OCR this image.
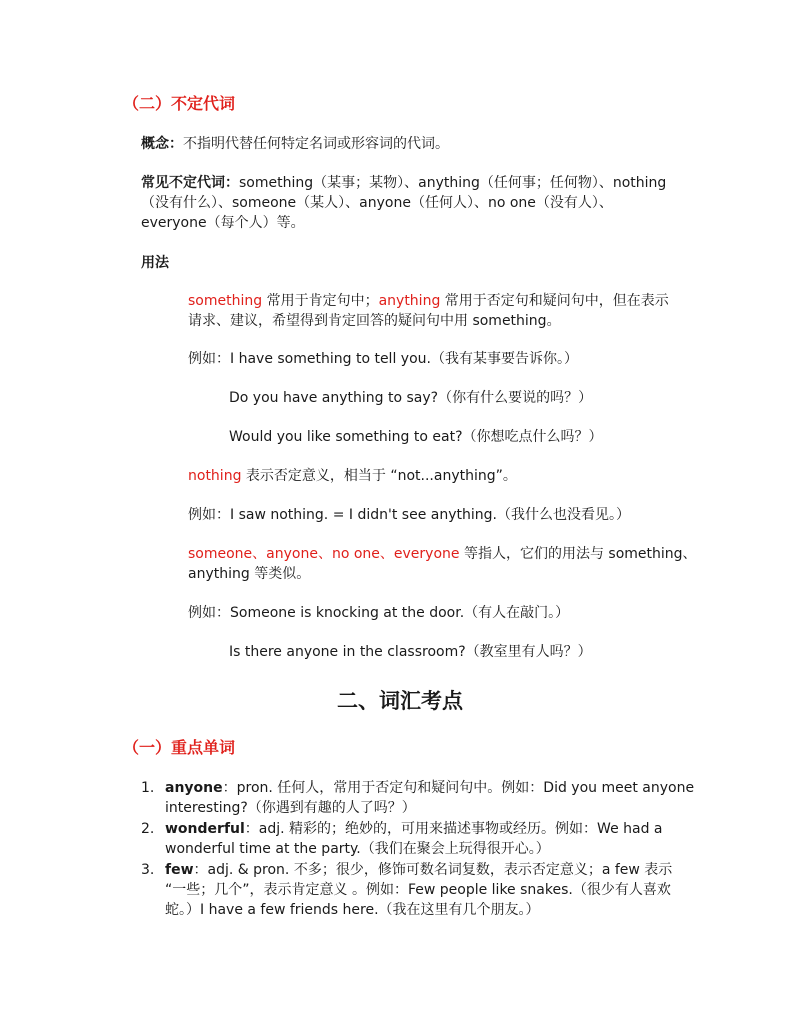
（二）不定代词
概念：不指明代替任何特定名词或形容词的代词。
常见不定代词：something（某事；某物）、anything（任何事；任何物）、nothing
（没有什么）、someone（某人）、anyone（任何人）、no one（没有人）、
everyone（每个人）等。
用法
something 常用于肯定句中；anything 常用于否定句和疑问句中，但在表示
请求、建议，希望得到肯定回答的疑问句中用 something。
例如：I have something to tell you.（我有某事要告诉你。）
Do you have anything to say?（你有什么要说的吗？）
Would you like something to eat?（你想吃点什么吗？）
nothing 表示否定意义，相当于 “not...anything”。
例如：I saw nothing. = I didn't see anything.（我什么也没看见。）
someone、anyone、no one、everyone 等指人，它们的用法与 something、
anything 等类似。
例如：Someone is knocking at the door.（有人在敲门。）
Is there anyone in the classroom?（教室里有人吗？）
二、词汇考点
（一）重点单词
1. anyone：pron. 任何人，常用于否定句和疑问句中。例如：Did you meet anyone
interesting?（你遇到有趣的人了吗？）
2. wonderful：adj. 精彩的；绝妙的，可用来描述事物或经历。例如：We had a
wonderful time at the party.（我们在聚会上玩得很开心。）
3. few：adj. & pron. 不多；很少，修饰可数名词复数，表示否定意义；a few 表示
“一些；几个”，表示肯定意义 。例如：Few people like snakes.（很少有人喜欢
蛇。）I have a few friends here.（我在这里有几个朋友。）
